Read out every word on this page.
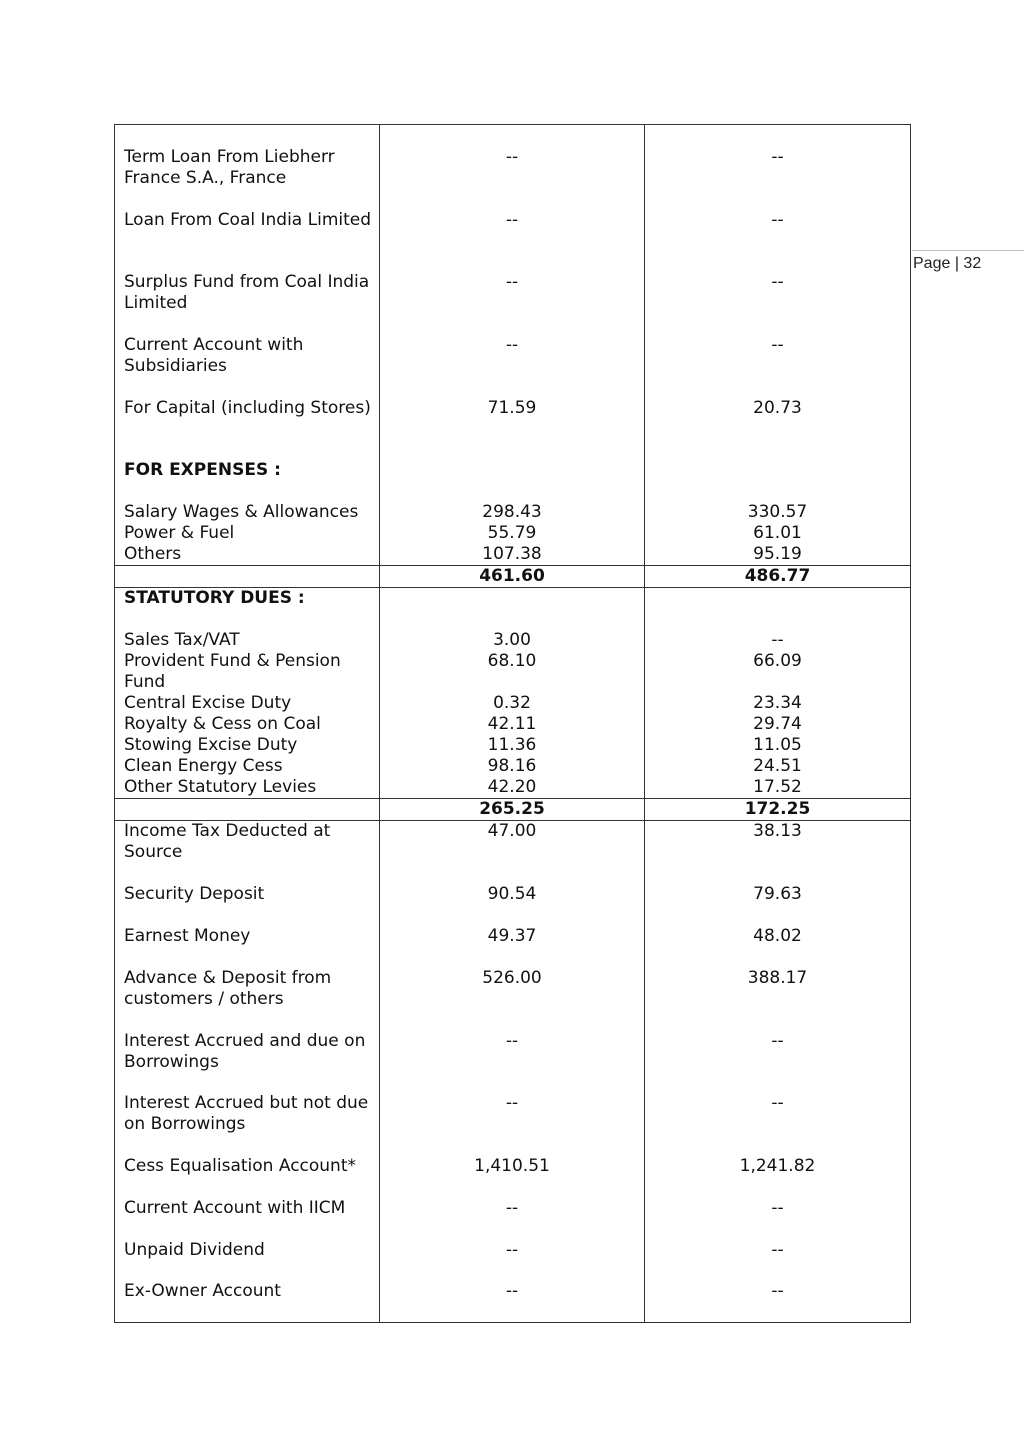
Page | 32
Term Loan From Liebherr France S.A., France	--	--
Loan From Coal India Limited	--	--
Surplus Fund from Coal India Limited	--	--
Current Account with Subsidiaries	--	--
For Capital (including Stores)	71.59	20.73
FOR EXPENSES :		
Salary Wages & Allowances	298.43	330.57
Power & Fuel	55.79	61.01
Others	107.38	95.19
	461.60	486.77
STATUTORY DUES :		
Sales Tax/VAT	3.00	--
Provident Fund & Pension Fund	68.10	66.09
Central Excise Duty	0.32	23.34
Royalty & Cess on Coal	42.11	29.74
Stowing Excise Duty	11.36	11.05
Clean Energy Cess	98.16	24.51
Other Statutory Levies	42.20	17.52
	265.25	172.25
Income Tax Deducted at Source	47.00	38.13
Security Deposit	90.54	79.63
Earnest Money	49.37	48.02
Advance & Deposit from customers / others	526.00	388.17
Interest Accrued and due on Borrowings	--	--
Interest Accrued but not due on Borrowings	--	--
Cess Equalisation Account*	1,410.51	1,241.82
Current Account with IICM	--	--
Unpaid Dividend	--	--
Ex-Owner Account	--	--
